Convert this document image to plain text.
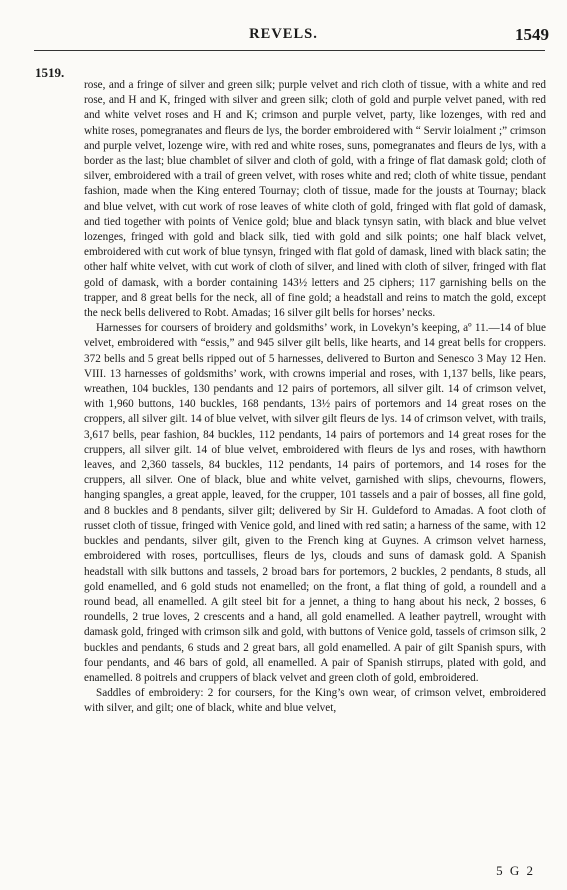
REVELS.	1549
1519.

rose, and a fringe of silver and green silk; purple velvet and rich cloth of tissue, with a white and red rose, and H and K, fringed with silver and green silk; cloth of gold and purple velvet paned, with red and white velvet roses and H and K; crimson and purple velvet, party, like lozenges, with red and white roses, pomegranates and fleurs de lys, the border embroidered with “ Servir loialment ;” crimson and purple velvet, lozenge wire, with red and white roses, suns, pomegranates and fleurs de lys, with a border as the last; blue chamblet of silver and cloth of gold, with a fringe of flat damask gold; cloth of silver, embroidered with a trail of green velvet, with roses white and red; cloth of white tissue, pendant fashion, made when the King entered Tournay; cloth of tissue, made for the jousts at Tournay; black and blue velvet, with cut work of rose leaves of white cloth of gold, fringed with flat gold of damask, and tied together with points of Venice gold; blue and black tynsyn satin, with black and blue velvet lozenges, fringed with gold and black silk, tied with gold and silk points; one half black velvet, embroidered with cut work of blue tynsyn, fringed with flat gold of damask, lined with black satin; the other half white velvet, with cut work of cloth of silver, and lined with cloth of silver, fringed with flat gold of damask, with a border containing 143½ letters and 25 ciphers; 117 garnishing bells on the trapper, and 8 great bells for the neck, all of fine gold; a headstall and reins to match the gold, except the neck bells delivered to Robt. Amadas; 16 silver gilt bells for horses’ necks.

Harnesses for coursers of broidery and goldsmiths’ work, in Lovekyn’s keeping, aº 11.—14 of blue velvet, embroidered with “essis,” and 945 silver gilt bells, like hearts, and 14 great bells for croppers. 372 bells and 5 great bells ripped out of 5 harnesses, delivered to Burton and Senesco 3 May 12 Hen. VIII. 13 harnesses of goldsmiths’ work, with crowns imperial and roses, with 1,137 bells, like pears, wreathen, 104 buckles, 130 pendants and 12 pairs of portemors, all silver gilt. 14 of crimson velvet, with 1,960 buttons, 140 buckles, 168 pendants, 13½ pairs of portemors and 14 great roses on the croppers, all silver gilt. 14 of blue velvet, with silver gilt fleurs de lys. 14 of crimson velvet, with trails, 3,617 bells, pear fashion, 84 buckles, 112 pendants, 14 pairs of portemors and 14 great roses for the cruppers, all silver gilt. 14 of blue velvet, embroidered with fleurs de lys and roses, with hawthorn leaves, and 2,360 tassels, 84 buckles, 112 pendants, 14 pairs of portemors, and 14 roses for the cruppers, all silver. One of black, blue and white velvet, garnished with slips, chevourns, flowers, hanging spangles, a great apple, leaved, for the crupper, 101 tassels and a pair of bosses, all fine gold, and 8 buckles and 8 pendants, silver gilt; delivered by Sir H. Guldeford to Amadas. A foot cloth of russet cloth of tissue, fringed with Venice gold, and lined with red satin; a harness of the same, with 12 buckles and pendants, silver gilt, given to the French king at Guynes. A crimson velvet harness, embroidered with roses, portcullises, fleurs de lys, clouds and suns of damask gold. A Spanish headstall with silk buttons and tassels, 2 broad bars for portemors, 2 buckles, 2 pendants, 8 studs, all gold enamelled, and 6 gold studs not enamelled; on the front, a flat thing of gold, a roundell and a round bead, all enamelled. A gilt steel bit for a jennet, a thing to hang about his neck, 2 bosses, 6 roundells, 2 true loves, 2 crescents and a hand, all gold enamelled. A leather paytrell, wrought with damask gold, fringed with crimson silk and gold, with buttons of Venice gold, tassels of crimson silk, 2 buckles and pendants, 6 studs and 2 great bars, all gold enamelled. A pair of gilt Spanish spurs, with four pendants, and 46 bars of gold, all enamelled. A pair of Spanish stirrups, plated with gold, and enamelled. 8 poitrels and cruppers of black velvet and green cloth of gold, embroidered.

Saddles of embroidery: 2 for coursers, for the King’s own wear, of crimson velvet, embroidered with silver, and gilt; one of black, white and blue velvet,

5 G 2
